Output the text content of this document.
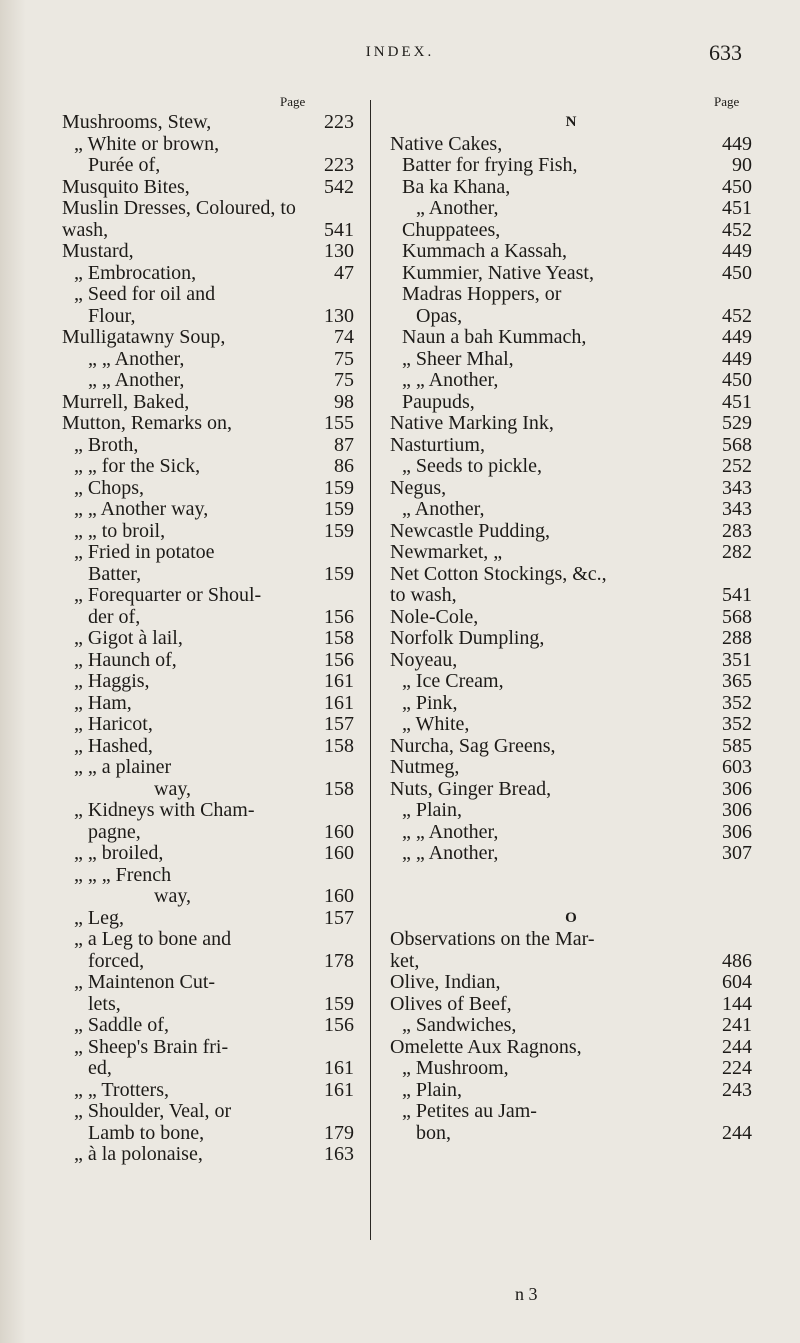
INDEX.	633
Page	Page
Mushrooms, Stew,	223
„ White or brown,
Purée of,	223
Musquito Bites,	542
Muslin Dresses, Coloured, to
wash,	541
Mustard,	130
„ Embrocation,	47
„ Seed for oil and
Flour,	130
Mulligatawny Soup,	74
„ „ Another,	75
„ „ Another,	75
Murrell, Baked,	98
Mutton, Remarks on,	155
„ Broth,	87
„ „ for the Sick,	86
„ Chops,	159
„ „ Another way,	159
„ „ to broil,	159
„ Fried in potatoe
Batter,	159
„ Forequarter or Shoul-
der of,	156
„ Gigot à lail,	158
„ Haunch of,	156
„ Haggis,	161
„ Ham,	161
„ Haricot,	157
„ Hashed,	158
„ „ a plainer
way,	158
„ Kidneys with Cham-
pagne,	160
„ „ broiled,	160
„ „ „ French
way,	160
„ Leg,	157
„ a Leg to bone and
forced,	178
„ Maintenon Cut-
lets,	159
„ Saddle of,	156
„ Sheep's Brain fri-
ed,	161
„ „ Trotters,	161
„ Shoulder, Veal, or
Lamb to bone,	179
„ à la polonaise,	163
N
Native Cakes,	449
Batter for frying Fish,	90
Ba ka Khana,	450
„ Another,	451
Chuppatees,	452
Kummach a Kassah,	449
Kummier, Native Yeast,	450
Madras Hoppers, or
Opas,	452
Naun a bah Kummach,	449
„ Sheer Mhal,	449
„ „ Another,	450
Paupuds,	451
Native Marking Ink,	529
Nasturtium,	568
„ Seeds to pickle,	252
Negus,	343
„ Another,	343
Newcastle Pudding,	283
Newmarket, „	282
Net Cotton Stockings, &c.,
to wash,	541
Nole-Cole,	568
Norfolk Dumpling,	288
Noyeau,	351
„ Ice Cream,	365
„ Pink,	352
„ White,	352
Nurcha, Sag Greens,	585
Nutmeg,	603
Nuts, Ginger Bread,	306
„ Plain,	306
„ „ Another,	306
„ „ Another,	307
O
Observations on the Mar-
ket,	486
Olive, Indian,	604
Olives of Beef,	144
„ Sandwiches,	241
Omelette Aux Ragnons,	244
„ Mushroom,	224
„ Plain,	243
„ Petites au Jam-
bon,	244
n 3
